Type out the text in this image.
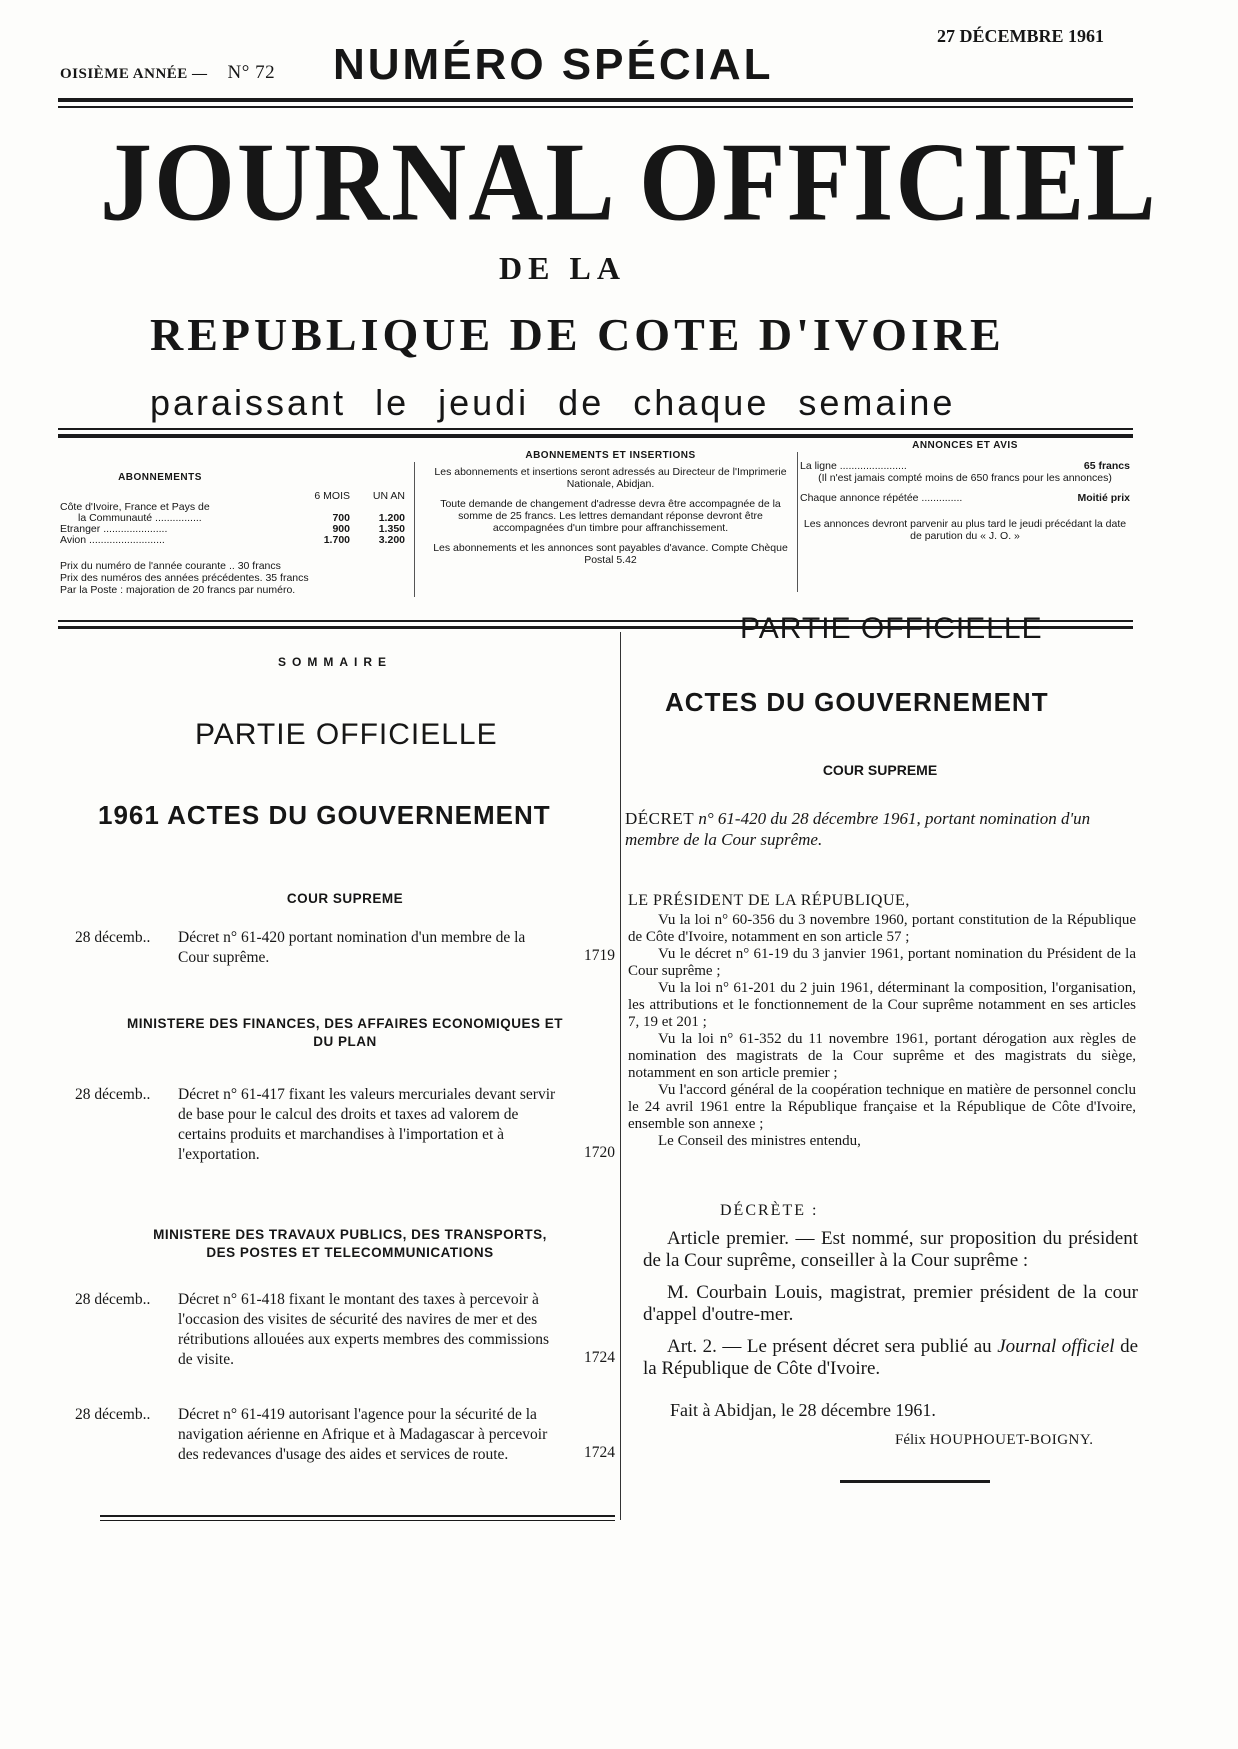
OISIÈME ANNÉE — N° 72 NUMÉRO SPÉCIAL
27 DÉCEMBRE 1961
JOURNAL OFFICIEL
DE LA
REPUBLIQUE DE COTE D'IVOIRE
paraissant le jeudi de chaque semaine
ABONNEMENTS
	6 MOIS	UN AN
Côte d'Ivoire, France et Pays de		
la Communauté ................	700	1.200
Etranger ......................	900	1.350
Avion ..........................	1.700	3.200
Prix du numéro de l'année courante .. 30 francs
Prix des numéros des années précédentes. 35 francs
Par la Poste : majoration de 20 francs par numéro.
ABONNEMENTS ET INSERTIONS

Les abonnements et insertions seront adressés au Directeur de l'Imprimerie Nationale, Abidjan.

Toute demande de changement d'adresse devra être accompagnée de la somme de 25 francs. Les lettres demandant réponse devront être accompagnées d'un timbre pour affranchissement.

Les abonnements et les annonces sont payables d'avance. Compte Chèque Postal 5.42

ANNONCES ET AVIS
La ligne .......................	65 francs

(Il n'est jamais compté moins de 650 francs pour les annonces)

Chaque annonce répétée ..............	Moitié prix

Les annonces devront parvenir au plus tard le jeudi précédant la date de parution du « J. O. »

SOMMAIRE
PARTIE OFFICIELLE
1961 ACTES DU GOUVERNEMENT
COUR SUPREME
28 décemb..	Décret n° 61-420 portant nomination d'un membre de la Cour suprême.	1719
MINISTERE DES FINANCES, DES AFFAIRES ECONOMIQUES ET DU PLAN
28 décemb..	Décret n° 61-417 fixant les valeurs mercuriales devant servir de base pour le calcul des droits et taxes ad valorem de certains produits et marchandises à l'importation et à l'exportation.	1720
MINISTERE DES TRAVAUX PUBLICS, DES TRANSPORTS, DES POSTES ET TELECOMMUNICATIONS
28 décemb..	Décret n° 61-418 fixant le montant des taxes à percevoir à l'occasion des visites de sécurité des navires de mer et des rétributions allouées aux experts membres des commissions de visite.	1724
28 décemb..	Décret n° 61-419 autorisant l'agence pour la sécurité de la navigation aérienne en Afrique et à Madagascar à percevoir des redevances d'usage des aides et services de route.	1724
PARTIE OFFICIELLE
ACTES DU GOUVERNEMENT
COUR SUPREME
DÉCRET n° 61-420 du 28 décembre 1961, portant nomination d'un membre de la Cour suprême.
LE PRÉSIDENT DE LA RÉPUBLIQUE,

Vu la loi n° 60-356 du 3 novembre 1960, portant constitution de la République de Côte d'Ivoire, notamment en son article 57 ;

Vu le décret n° 61-19 du 3 janvier 1961, portant nomination du Président de la Cour suprême ;

Vu la loi n° 61-201 du 2 juin 1961, déterminant la composition, l'organisation, les attributions et le fonctionnement de la Cour suprême notamment en ses articles 7, 19 et 201 ;

Vu la loi n° 61-352 du 11 novembre 1961, portant dérogation aux règles de nomination des magistrats de la Cour suprême et des magistrats du siège, notamment en son article premier ;

Vu l'accord général de la coopération technique en matière de personnel conclu le 24 avril 1961 entre la République française et la République de Côte d'Ivoire, ensemble son annexe ;

Le Conseil des ministres entendu,

DÉCRÈTE :
Article premier. — Est nommé, sur proposition du président de la Cour suprême, conseiller à la Cour suprême :
M. Courbain Louis, magistrat, premier président de la cour d'appel d'outre-mer.
Art. 2. — Le présent décret sera publié au Journal officiel de la République de Côte d'Ivoire.
Fait à Abidjan, le 28 décembre 1961.
Félix HOUPHOUET-BOIGNY.
